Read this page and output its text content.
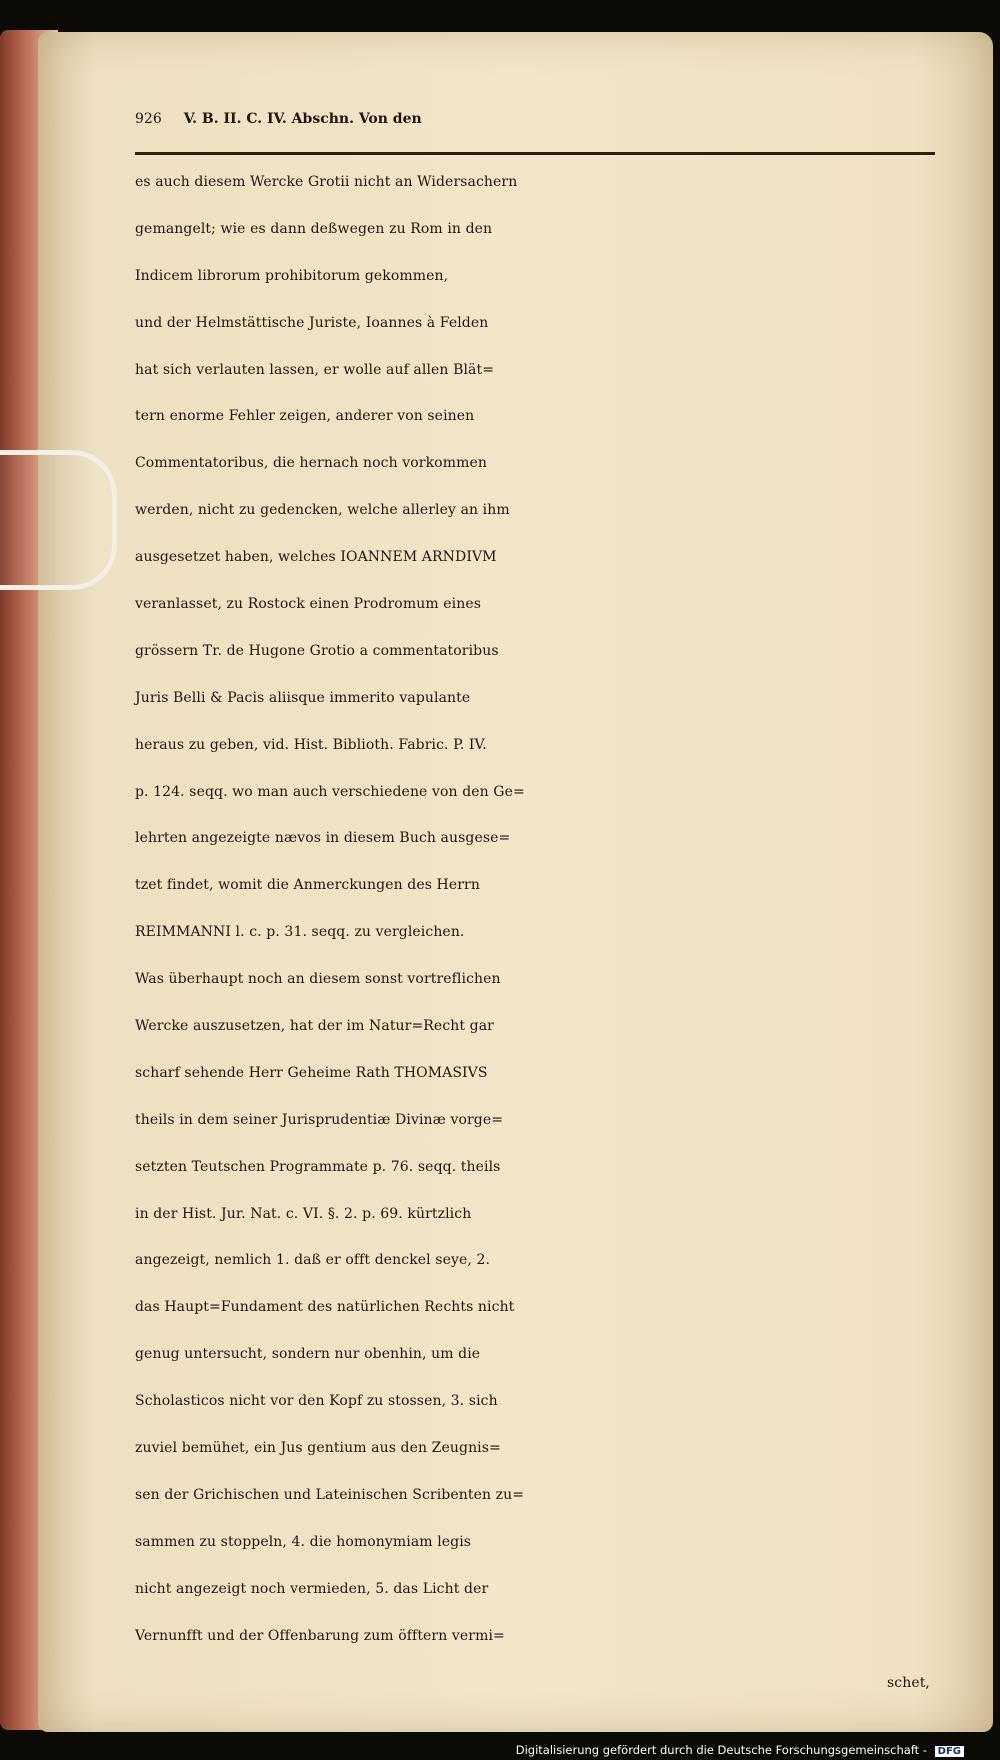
926 V. B. II. C. IV. Abschn. Von den
es auch diesem Wercke Grotii nicht an Widersachern
gemangelt; wie es dann deßwegen zu Rom in den
Indicem librorum prohibitorum gekommen,
und der Helmstättische Juriste, Ioannes à Felden
hat sich verlauten lassen, er wolle auf allen Blät=
tern enorme Fehler zeigen, anderer von seinen
Commentatoribus, die hernach noch vorkommen
werden, nicht zu gedencken, welche allerley an ihm
ausgesetzet haben, welches IOANNEM ARNDIVM
veranlasset, zu Rostock einen Prodromum eines
grössern Tr. de Hugone Grotio a commentatoribus
Juris Belli & Pacis aliisque immerito vapulante
heraus zu geben, vid. Hist. Biblioth. Fabric. P. IV.
p. 124. seqq. wo man auch verschiedene von den Ge=
lehrten angezeigte nævos in diesem Buch ausgese=
tzet findet, womit die Anmerckungen des Herrn
REIMMANNI l. c. p. 31. seqq. zu vergleichen.
Was überhaupt noch an diesem sonst vortreflichen
Wercke auszusetzen, hat der im Natur=Recht gar
scharf sehende Herr Geheime Rath THOMASIVS
theils in dem seiner Jurisprudentiæ Divinæ vorge=
setzten Teutschen Programmate p. 76. seqq. theils
in der Hist. Jur. Nat. c. VI. §. 2. p. 69. kürtzlich
angezeigt, nemlich 1. daß er offt denckel seye, 2.
das Haupt=Fundament des natürlichen Rechts nicht
genug untersucht, sondern nur obenhin, um die
Scholasticos nicht vor den Kopf zu stossen, 3. sich
zuviel bemühet, ein Jus gentium aus den Zeugnis=
sen der Grichischen und Lateinischen Scribenten zu=
sammen zu stoppeln, 4. die homonymiam legis
nicht angezeigt noch vermieden, 5. das Licht der
Vernunfft und der Offenbarung zum öfftern vermi=
schet,
Digitalisierung gefördert durch die Deutsche Forschungsgemeinschaft - DFG
